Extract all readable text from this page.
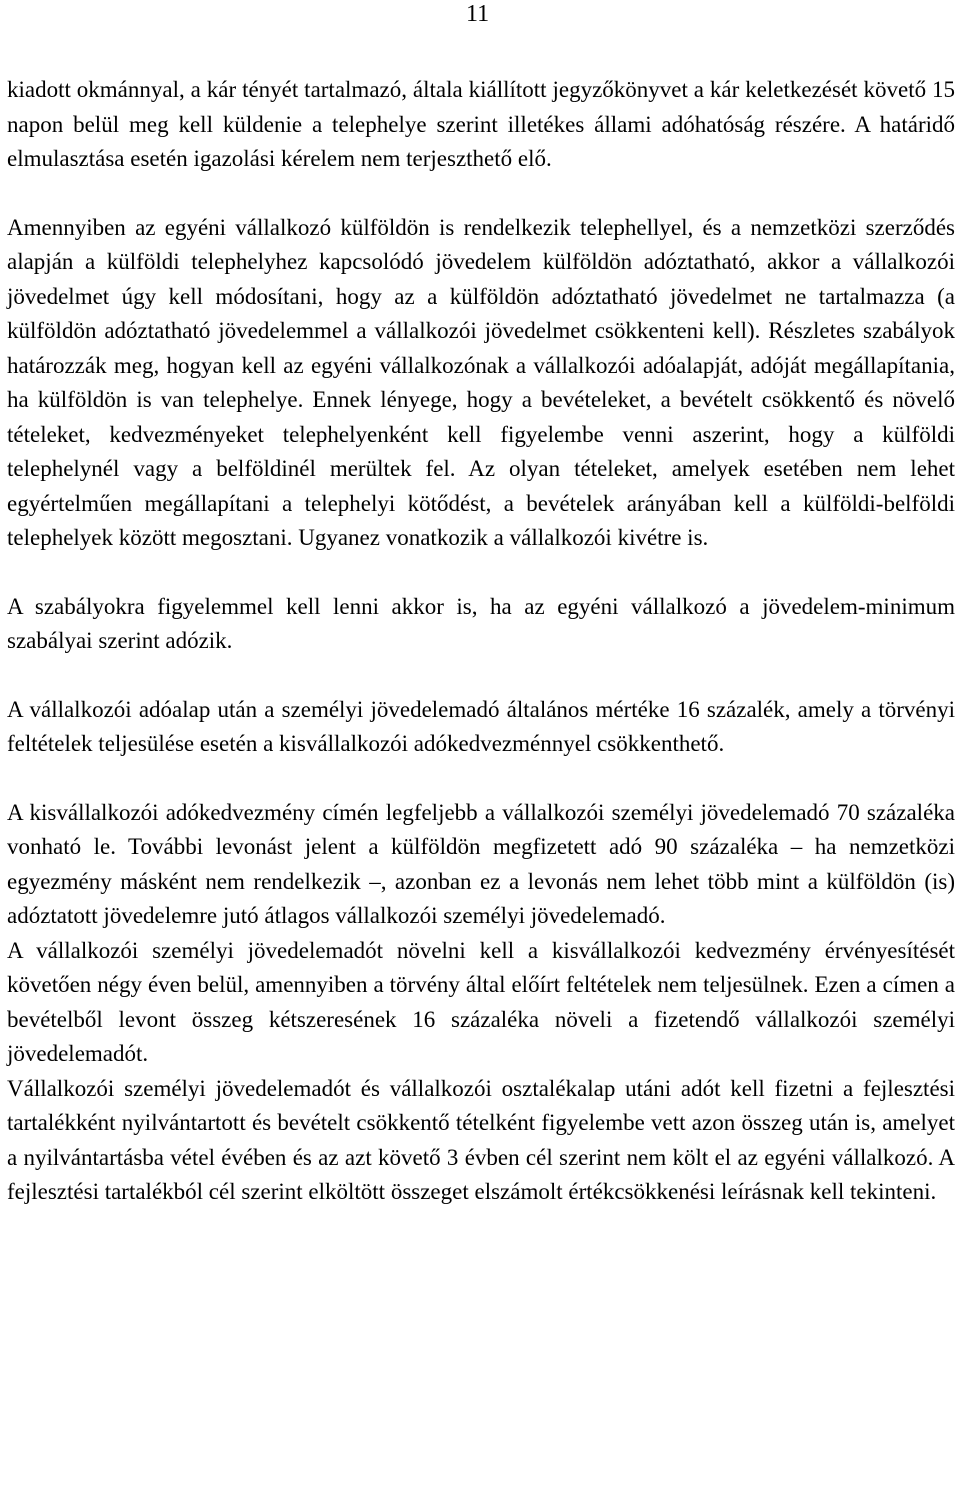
11

kiadott okmánnyal, a kár tényét tartalmazó, általa kiállított jegyzőkönyvet a kár keletkezését követő 15 napon belül meg kell küldenie a telephelye szerint illetékes állami adóhatóság részére. A határidő elmulasztása esetén igazolási kérelem nem terjeszthető elő.

Amennyiben az egyéni vállalkozó külföldön is rendelkezik telephellyel, és a nemzetközi szerződés alapján a külföldi telephelyhez kapcsolódó jövedelem külföldön adóztatható, akkor a vállalkozói jövedelmet úgy kell módosítani, hogy az a külföldön adóztatható jövedelmet ne tartalmazza (a külföldön adóztatható jövedelemmel a vállalkozói jövedelmet csökkenteni kell). Részletes szabályok határozzák meg, hogyan kell az egyéni vállalkozónak a vállalkozói adóalapját, adóját megállapítania, ha külföldön is van telephelye. Ennek lényege, hogy a bevételeket, a bevételt csökkentő és növelő tételeket, kedvezményeket telephelyenként kell figyelembe venni aszerint, hogy a külföldi telephelynél vagy a belföldinél merültek fel. Az olyan tételeket, amelyek esetében nem lehet egyértelműen megállapítani a telephelyi kötődést, a bevételek arányában kell a külföldi-belföldi telephelyek között megosztani. Ugyanez vonatkozik a vállalkozói kivétre is.

A szabályokra figyelemmel kell lenni akkor is, ha az egyéni vállalkozó a jövedelem-minimum szabályai szerint adózik.

A vállalkozói adóalap után a személyi jövedelemadó általános mértéke 16 százalék, amely a törvényi feltételek teljesülése esetén a kisvállalkozói adókedvezménnyel csökkenthető.

A kisvállalkozói adókedvezmény címén legfeljebb a vállalkozói személyi jövedelemadó 70 százaléka vonható le. További levonást jelent a külföldön megfizetett adó 90 százaléka – ha nemzetközi egyezmény másként nem rendelkezik –, azonban ez a levonás nem lehet több mint a külföldön (is) adóztatott jövedelemre jutó átlagos vállalkozói személyi jövedelemadó.

A vállalkozói személyi jövedelemadót növelni kell a kisvállalkozói kedvezmény érvényesítését követően négy éven belül, amennyiben a törvény által előírt feltételek nem teljesülnek. Ezen a címen a bevételből levont összeg kétszeresének 16 százaléka növeli a fizetendő vállalkozói személyi jövedelemadót.

Vállalkozói személyi jövedelemadót és vállalkozói osztalékalap utáni adót kell fizetni a fejlesztési tartalékként nyilvántartott és bevételt csökkentő tételként figyelembe vett azon összeg után is, amelyet a nyilvántartásba vétel évében és az azt követő 3 évben cél szerint nem költ el az egyéni vállalkozó. A fejlesztési tartalékból cél szerint elköltött összeget elszámolt értékcsökkenési leírásnak kell tekinteni.
